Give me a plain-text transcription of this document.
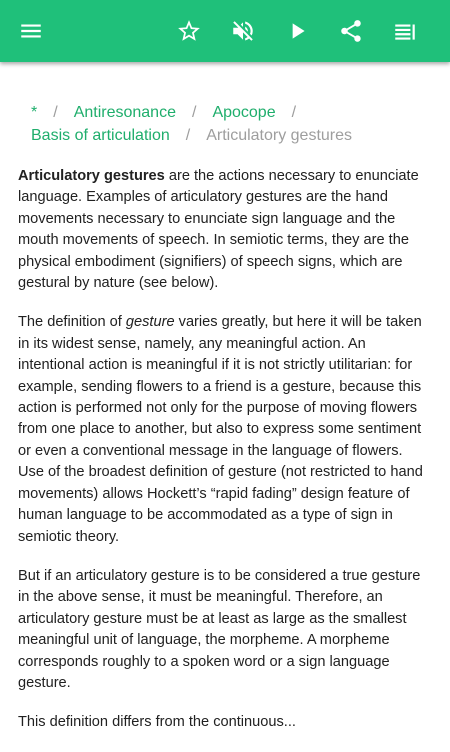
* / Antiresonance / Apocope /
Basis of articulation / Articulatory gestures

Articulatory gestures are the actions necessary to enunciate language. Examples of articulatory gestures are the hand movements necessary to enunciate sign language and the mouth movements of speech. In semiotic terms, they are the physical embodiment (signifiers) of speech signs, which are gestural by nature (see below).

The definition of gesture varies greatly, but here it will be taken in its widest sense, namely, any meaningful action. An intentional action is meaningful if it is not strictly utilitarian: for example, sending flowers to a friend is a gesture, because this action is performed not only for the purpose of moving flowers from one place to another, but also to express some sentiment or even a conventional message in the language of flowers. Use of the broadest definition of gesture (not restricted to hand movements) allows Hockett’s “rapid fading” design feature of human language to be accommodated as a type of sign in semiotic theory.

But if an articulatory gesture is to be considered a true gesture in the above sense, it must be meaningful. Therefore, an articulatory gesture must be at least as large as the smallest meaningful unit of language, the morpheme. A morpheme corresponds roughly to a spoken word or a sign language gesture.

This definition differs from the continuous...
